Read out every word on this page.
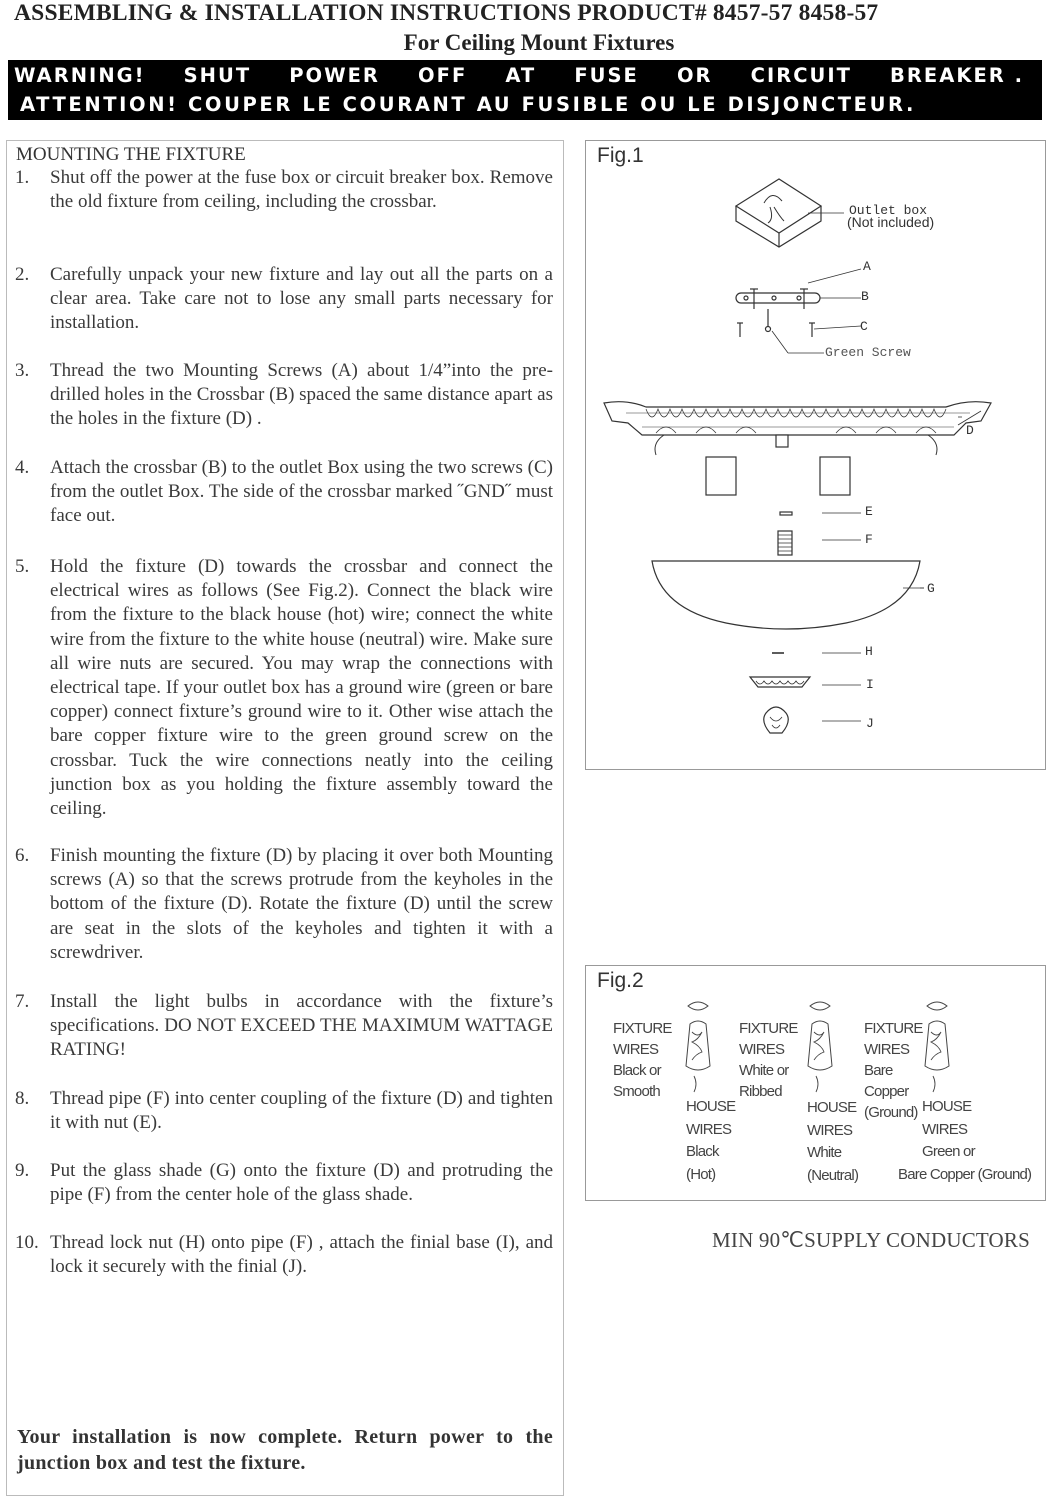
ASSEMBLING & INSTALLATION INSTRUCTIONS PRODUCT# 8457-57 8458-57
For Ceiling Mount Fixtures
WARNING! SHUT POWER OFF AT FUSE OR CIRCUIT BREAKER .
ATTENTION! COUPER LE COURANT AU FUSIBLE OU LE DISJONCTEUR.
MOUNTING THE FIXTURE
1. Shut off the power at the fuse box or circuit breaker box. Remove the old fixture from ceiling, including the crossbar.
2. Carefully unpack your new fixture and lay out all the parts on a clear area. Take care not to lose any small parts necessary for installation.
3. Thread the two Mounting Screws (A) about 1/4”into the pre-drilled holes in the Crossbar (B) spaced the same distance apart as the holes in the fixture (D) .
4. Attach the crossbar (B) to the outlet Box using the two screws (C) from the outlet Box. The side of the crossbar marked ˝GND˝ must face out.
5. Hold the fixture (D) towards the crossbar and connect the electrical wires as follows (See Fig.2). Connect the black wire from the fixture to the black house (hot) wire; connect the white wire from the fixture to the white house (neutral) wire. Make sure all wire nuts are secured. You may wrap the connections with electrical tape. If your outlet box has a ground wire (green or bare copper) connect fixture’s ground wire to it. Other wise attach the bare copper fixture wire to the green ground screw on the crossbar. Tuck the wire connections neatly into the ceiling junction box as you holding the fixture assembly toward the ceiling.
6. Finish mounting the fixture (D) by placing it over both Mounting screws (A) so that the screws protrude from the keyholes in the bottom of the fixture (D). Rotate the fixture (D) until the screw are seat in the slots of the keyholes and tighten it with a screwdriver.
7. Install the light bulbs in accordance with the fixture’s specifications. DO NOT EXCEED THE MAXIMUM WATTAGE RATING!
8. Thread pipe (F) into center coupling of the fixture (D) and tighten it with nut (E).
9. Put the glass shade (G) onto the fixture (D) and protruding the pipe (F) from the center hole of the glass shade.
10. Thread lock nut (H) onto pipe (F) , attach the finial base (I), and lock it securely with the finial (J).
Your installation is now complete. Return power to the junction box and test the fixture.
Fig.1
Outlet box
(Not included)
A
B
C
Green Screw
D
E
F
G
H
I
J
Fig.2
FIXTURE
WIRES
Black or
Smooth
HOUSE
WIRES
Black
(Hot)
FIXTURE
WIRES
White or
Ribbed
HOUSE
WIRES
White
(Neutral)
FIXTURE
WIRES
Bare
Copper
(Ground) HOUSE
WIRES
Green or
Bare Copper (Ground)
MIN 90℃SUPPLY CONDUCTORS
